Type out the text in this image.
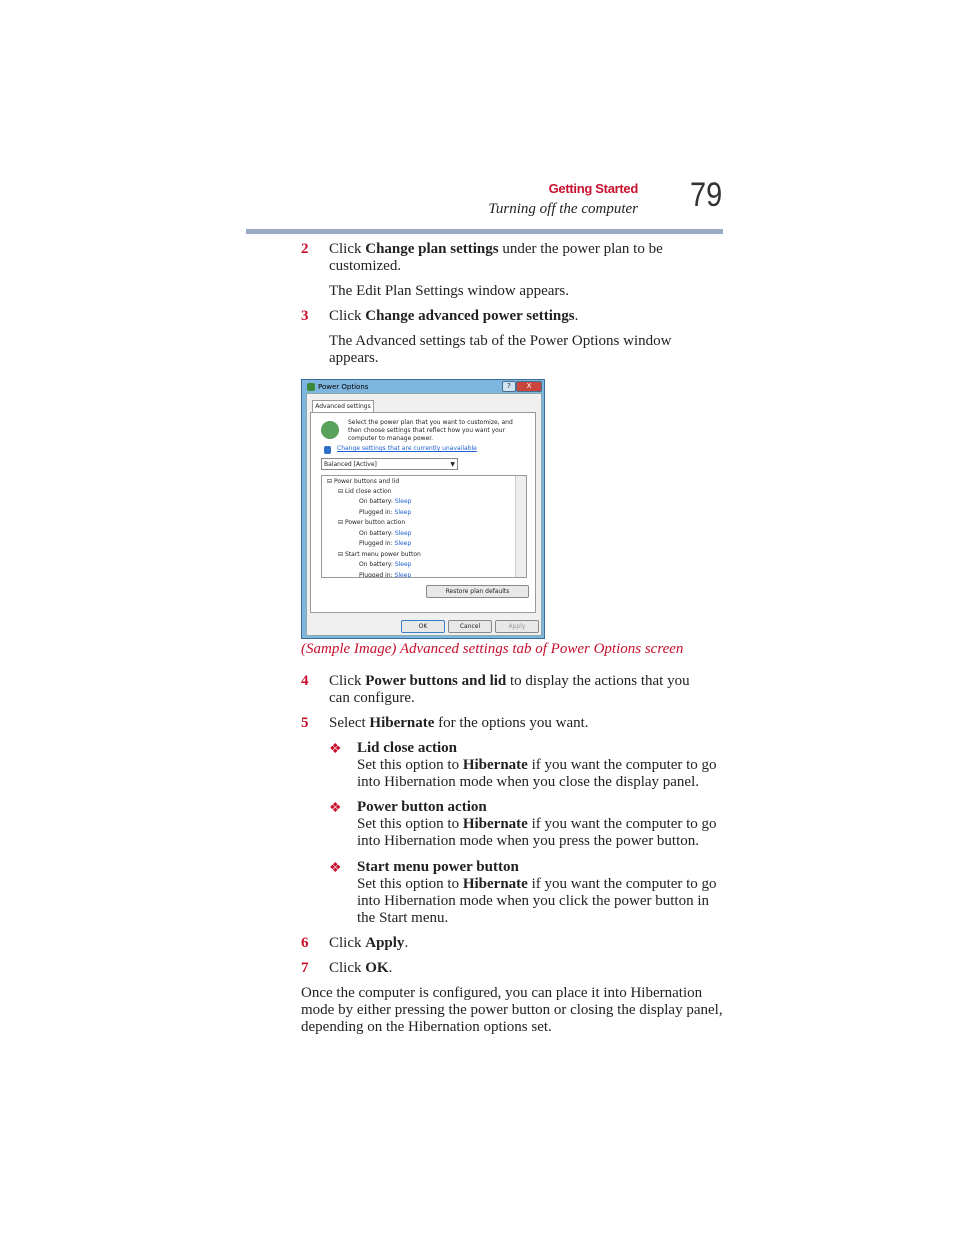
Getting Started
Turning off the computer 79
2 Click Change plan settings under the power plan to be customized.
The Edit Plan Settings window appears.
3 Click Change advanced power settings.
The Advanced settings tab of the Power Options window appears.
Power Options	?	X
Advanced settings
Select the power plan that you want to customize, and then choose settings that reflect how you want your computer to manage power.
Change settings that are currently unavailable
Balanced [Active]	▼
⊟ Power buttons and lid
⊟ Lid close action
On battery: Sleep
Plugged in: Sleep
⊟ Power button action
On battery: Sleep
Plugged in: Sleep
⊟ Start menu power button
On battery: Sleep
Plugged in: Sleep
Restore plan defaults
OK	Cancel	Apply
(Sample Image) Advanced settings tab of Power Options screen
4 Click Power buttons and lid to display the actions that you can configure.
5 Select Hibernate for the options you want.
❖ Lid close action
Set this option to Hibernate if you want the computer to go into Hibernation mode when you close the display panel.
❖ Power button action
Set this option to Hibernate if you want the computer to go into Hibernation mode when you press the power button.
❖ Start menu power button
Set this option to Hibernate if you want the computer to go into Hibernation mode when you click the power button in the Start menu.
6 Click Apply.
7 Click OK.
Once the computer is configured, you can place it into Hibernation mode by either pressing the power button or closing the display panel, depending on the Hibernation options set.
